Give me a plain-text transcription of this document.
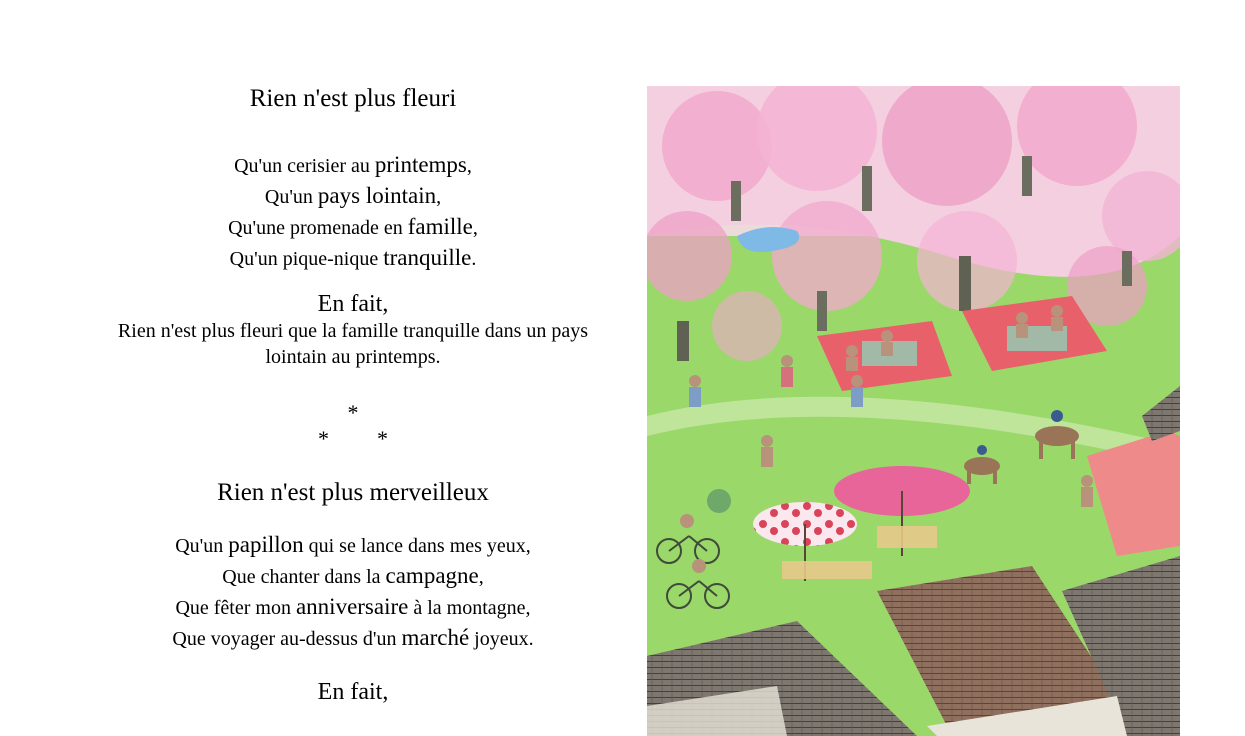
Rien n'est plus fleuri

Qu'un cerisier au printemps,

Qu'un pays lointain,

Qu'une promenade en famille,

Qu'un pique-nique tranquille.

En fait,

Rien n'est plus fleuri que la famille tranquille dans un pays lointain au printemps.

*
* *

Rien n'est plus merveilleux

Qu'un papillon qui se lance dans mes yeux,

Que chanter dans la campagne,

Que fêter mon anniversaire à la montagne,

Que voyager au-dessus d'un marché joyeux.

En fait,
